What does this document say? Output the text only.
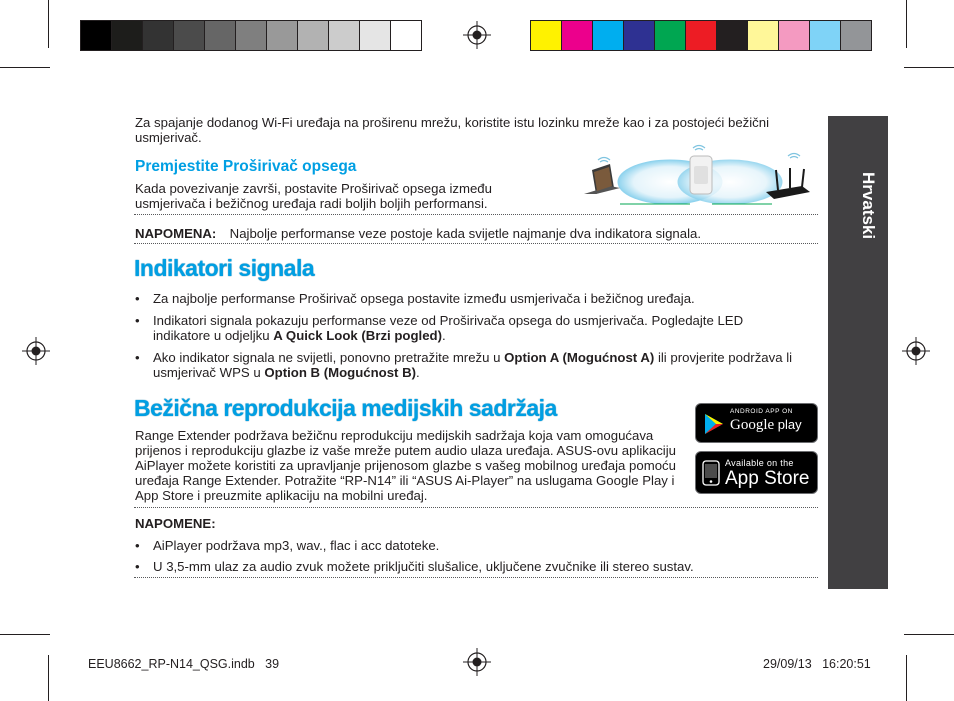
Za spajanje dodanog Wi-Fi uređaja na proširenu mrežu, koristite istu lozinku mreže kao i za postojeći bežični usmjerivač.
Premjestite Proširivač opsega
Kada povezivanje završi, postavite Proširivač opsega između usmjerivača i bežičnog uređaja radi boljih boljih performansi.
NAPOMENA: Najbolje performanse veze postoje kada svijetle najmanje dva indikatora signala.
Indikatori signala
• Za najbolje performanse Proširivač opsega postavite između usmjerivača i bežičnog uređaja.
• Indikatori signala pokazuju performanse veze od Proširivača opsega do usmjerivača. Pogledajte LED indikatore u odjeljku A Quick Look (Brzi pogled).
• Ako indikator signala ne svijetli, ponovno pretražite mrežu u Option A (Mogućnost A) ili provjerite podržava li usmjerivač WPS u Option B (Mogućnost B).
Bežična reprodukcija medijskih sadržaja
Range Extender podržava bežičnu reprodukciju medijskih sadržaja koja vam omogućava prijenos i reprodukciju glazbe iz vaše mreže putem audio ulaza uređaja. ASUS-ovu aplikaciju AiPlayer možete koristiti za upravljanje prijenosom glazbe s vašeg mobilnog uređaja pomoću uređaja Range Extender. Potražite “RP-N14” ili “ASUS Ai-Player” na uslugama Google Play i App Store i preuzmite aplikaciju na mobilni uređaj.
ANDROID APP ON
Google play
Available on the
App Store
NAPOMENE:
• AiPlayer podržava mp3, wav., flac i acc datoteke.
• U 3,5-mm ulaz za audio zvuk možete priključiti slušalice, uključene zvučnike ili stereo sustav.
Hrvatski
EEU8662_RP-N14_QSG.indb   39	29/09/13   16:20:51
